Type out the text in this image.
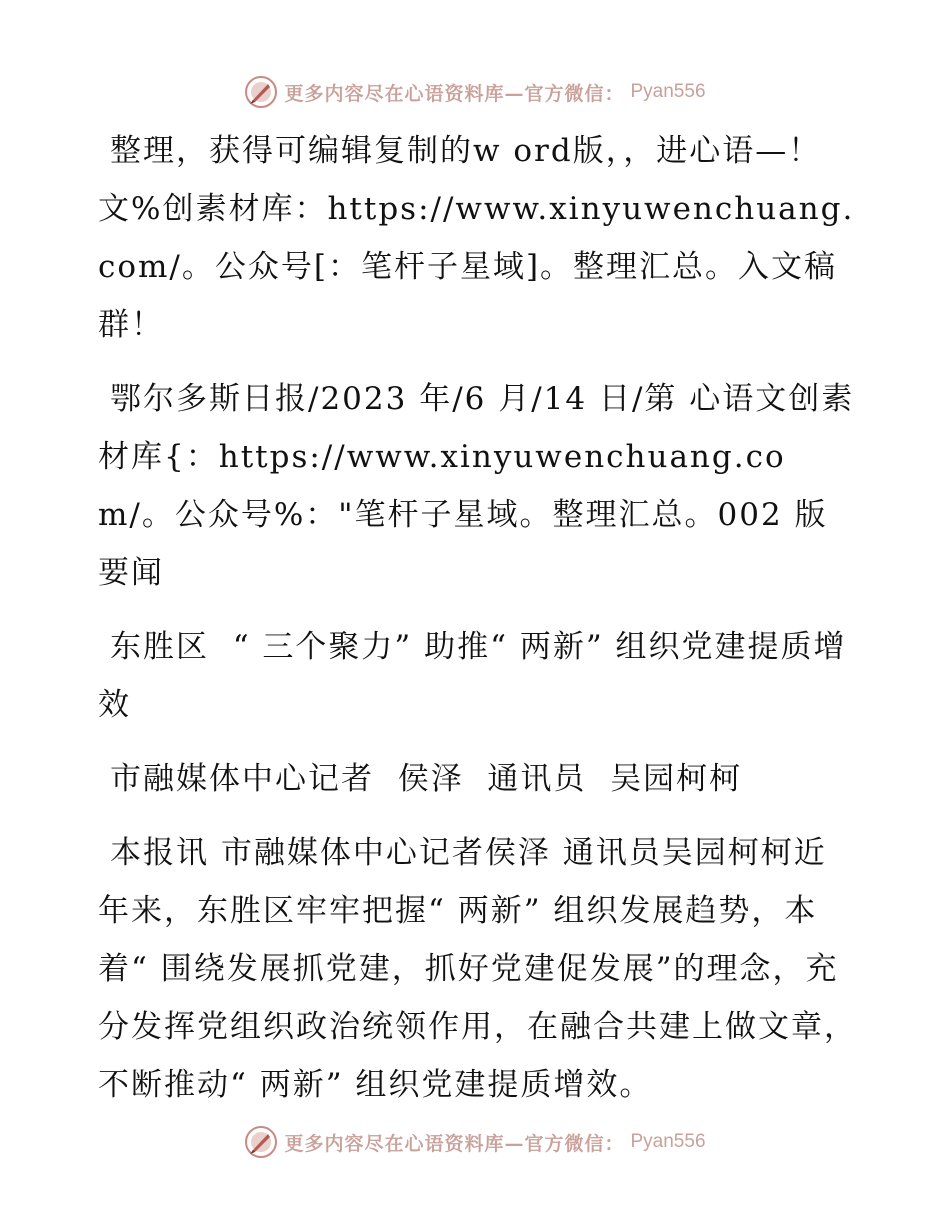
更多内容尽在心语资料库—官方微信： Pyan556

整理，获得可编辑复制的w ord版，，进心语—！文%创素材库：https://www.xinyuwenchuang.com/。公众号[：笔杆子星域]。整理汇总。入文稿群！

鄂尔多斯日报/2023 年/6 月/14 日/第 心语文创素材库{：https://www.xinyuwenchuang.com/。公众号%："笔杆子星域。整理汇总。002 版要闻

东胜区  “ 三个聚力” 助推“ 两新” 组织党建提质增效

市融媒体中心记者  侯泽  通讯员  吴园柯柯

本报讯 市融媒体中心记者侯泽 通讯员吴园柯柯近年来，东胜区牢牢把握“ 两新” 组织发展趋势，本着“ 围绕发展抓党建，抓好党建促发展”的理念，充分发挥党组织政治统领作用，在融合共建上做文章，不断推动“ 两新” 组织党建提质增效。

更多内容尽在心语资料库—官方微信： Pyan556
